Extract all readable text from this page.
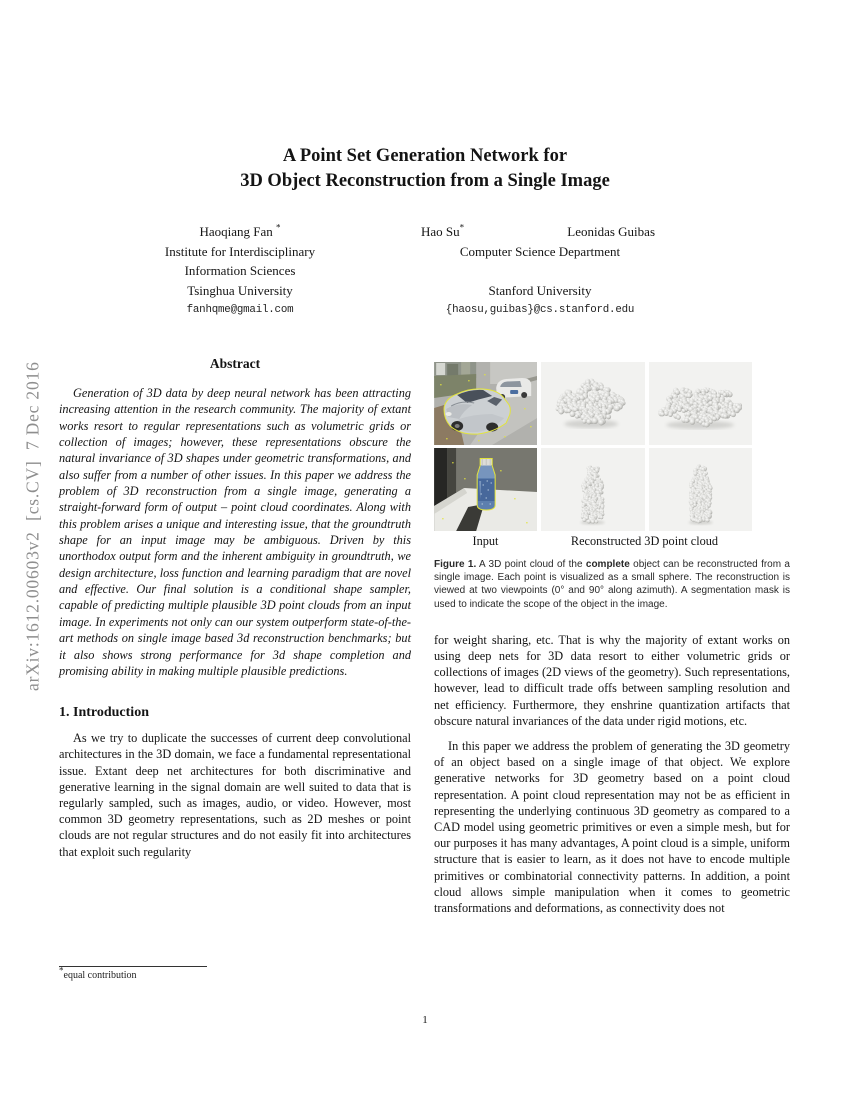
arXiv:1612.00603v2  [cs.CV]  7 Dec 2016
A Point Set Generation Network for
3D Object Reconstruction from a Single Image
Haoqiang Fan *
Institute for Interdisciplinary
Information Sciences
Tsinghua University
fanhqme@gmail.com
Hao Su*	Leonidas Guibas
Computer Science Department

Stanford University
{haosu,guibas}@cs.stanford.edu
Abstract

Generation of 3D data by deep neural network has been attracting increasing attention in the research community. The majority of extant works resort to regular representations such as volumetric grids or collection of images; however, these representations obscure the natural invariance of 3D shapes under geometric transformations, and also suffer from a number of other issues. In this paper we address the problem of 3D reconstruction from a single image, generating a straight-forward form of output – point cloud coordinates. Along with this problem arises a unique and interesting issue, that the groundtruth shape for an input image may be ambiguous. Driven by this unorthodox output form and the inherent ambiguity in groundtruth, we design architecture, loss function and learning paradigm that are novel and effective. Our final solution is a conditional shape sampler, capable of predicting multiple plausible 3D point clouds from an input image. In experiments not only can our system outperform state-of-the-art methods on single image based 3d reconstruction benchmarks; but it also shows strong performance for 3d shape completion and promising ability in making multiple plausible predictions.

1. Introduction

As we try to duplicate the successes of current deep convolutional architectures in the 3D domain, we face a fundamental representational issue. Extant deep net architectures for both discriminative and generative learning in the signal domain are well suited to data that is regularly sampled, such as images, audio, or video. However, most common 3D geometry representations, such as 2D meshes or point clouds are not regular structures and do not easily fit into architectures that exploit such regularity

*equal contribution
Input	Reconstructed 3D point cloud

Figure 1. A 3D point cloud of the complete object can be reconstructed from a single image. Each point is visualized as a small sphere. The reconstruction is viewed at two viewpoints (0° and 90° along azimuth). A segmentation mask is used to indicate the scope of the object in the image.

for weight sharing, etc. That is why the majority of extant works on using deep nets for 3D data resort to either volumetric grids or collections of images (2D views of the geometry). Such representations, however, lead to difficult trade offs between sampling resolution and net efficiency. Furthermore, they enshrine quantization artifacts that obscure natural invariances of the data under rigid motions, etc.

In this paper we address the problem of generating the 3D geometry of an object based on a single image of that object. We explore generative networks for 3D geometry based on a point cloud representation. A point cloud representation may not be as efficient in representing the underlying continuous 3D geometry as compared to a CAD model using geometric primitives or even a simple mesh, but for our purposes it has many advantages, A point cloud is a simple, uniform structure that is easier to learn, as it does not have to encode multiple primitives or combinatorial connectivity patterns. In addition, a point cloud allows simple manipulation when it comes to geometric transformations and deformations, as connectivity does not

1
